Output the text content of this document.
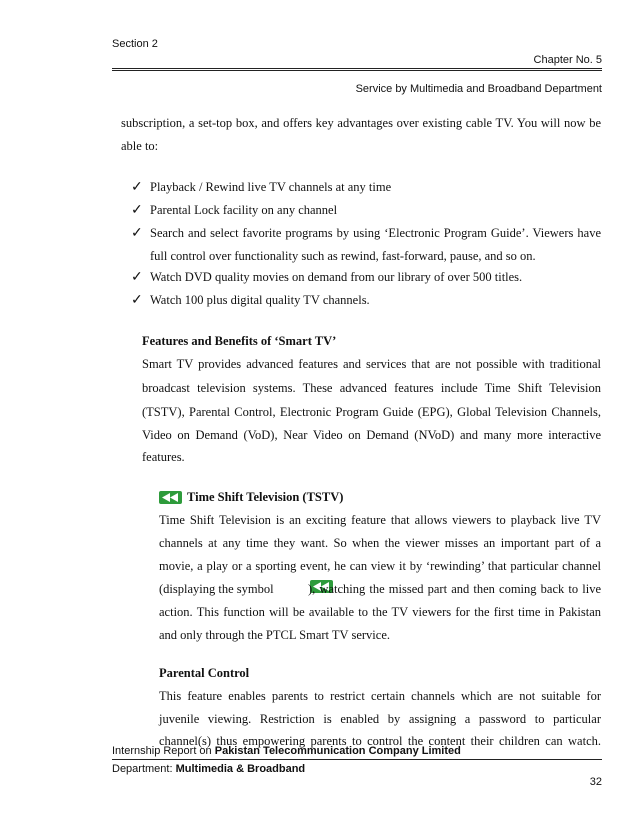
Section 2
Chapter No. 5
Service by Multimedia and Broadband Department
subscription, a set-top box, and offers key advantages over existing cable TV. You will now be
able to:
✓ Playback / Rewind live TV channels at any time
✓ Parental Lock facility on any channel
✓ Search and select favorite programs by using ‘Electronic Program Guide’. Viewers have
full control over functionality such as rewind, fast-forward, pause, and so on.
✓ Watch DVD quality movies on demand from our library of over 500 titles.
✓ Watch 100 plus digital quality TV channels.
Features and Benefits of ‘Smart TV’
Smart TV provides advanced features and services that are not possible with traditional
broadcast television systems. These advanced features include Time Shift Television
(TSTV), Parental Control, Electronic Program Guide (EPG), Global Television Channels,
Video on Demand (VoD), Near Video on Demand (NVoD) and many more interactive
features.

Time Shift Television (TSTV)
Time Shift Television is an exciting feature that allows viewers to playback live TV
channels at any time they want. So when the viewer misses an important part of a
movie, a play or a sporting event, he can view it by ‘rewinding’ that particular channel
(displaying the symbol	), watching the missed part and then coming back to live
action. This function will be available to the TV viewers for the first time in Pakistan
and only through the PTCL Smart TV service.
Parental Control
This feature enables parents to restrict certain channels which are not suitable for
juvenile viewing. Restriction is enabled by assigning a password to particular
channel(s) thus empowering parents to control the content their children can watch.
Internship Report on Pakistan Telecommunication Company Limited
Department: Multimedia & Broadband
32
